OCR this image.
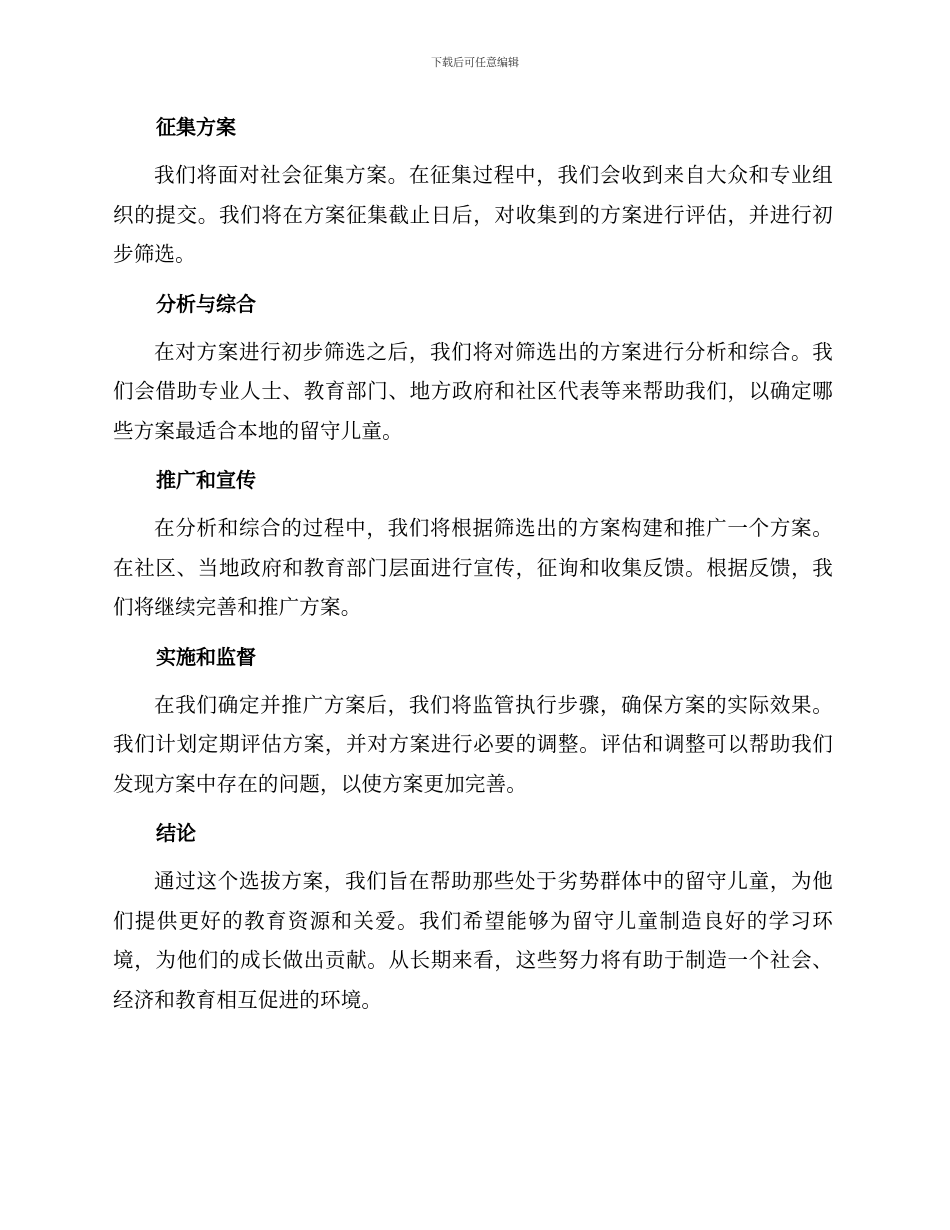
下载后可任意编辑
征集方案

我们将面对社会征集方案。在征集过程中，我们会收到来自大众和专业组织的提交。我们将在方案征集截止日后，对收集到的方案进行评估，并进行初步筛选。

分析与综合

在对方案进行初步筛选之后，我们将对筛选出的方案进行分析和综合。我们会借助专业人士、教育部门、地方政府和社区代表等来帮助我们，以确定哪些方案最适合本地的留守儿童。

推广和宣传

在分析和综合的过程中，我们将根据筛选出的方案构建和推广一个方案。在社区、当地政府和教育部门层面进行宣传，征询和收集反馈。根据反馈，我们将继续完善和推广方案。

实施和监督

在我们确定并推广方案后，我们将监管执行步骤，确保方案的实际效果。我们计划定期评估方案，并对方案进行必要的调整。评估和调整可以帮助我们发现方案中存在的问题，以使方案更加完善。

结论

通过这个选拔方案，我们旨在帮助那些处于劣势群体中的留守儿童，为他们提供更好的教育资源和关爱。我们希望能够为留守儿童制造良好的学习环境，为他们的成长做出贡献。从长期来看，这些努力将有助于制造一个社会、经济和教育相互促进的环境。
